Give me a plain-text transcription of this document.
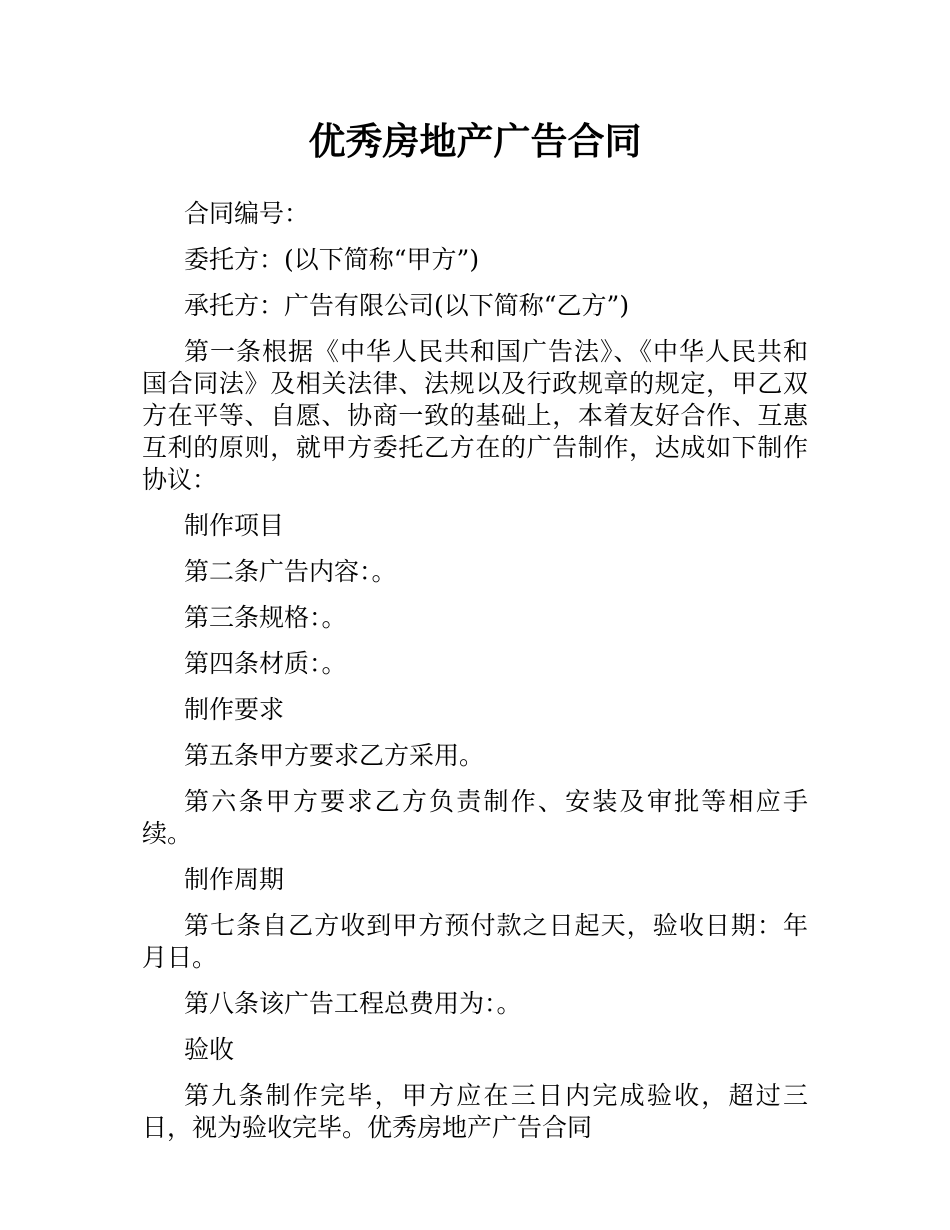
优秀房地产广告合同

合同编号：

委托方：(以下简称“甲方”)

承托方：广告有限公司(以下简称“乙方”)

第一条根据《中华人民共和国广告法》、《中华人民共和国合同法》及相关法律、法规以及行政规章的规定，甲乙双方在平等、自愿、协商一致的基础上，本着友好合作、互惠互利的原则，就甲方委托乙方在的广告制作，达成如下制作协议：

制作项目

第二条广告内容：。

第三条规格：。

第四条材质：。

制作要求

第五条甲方要求乙方采用。

第六条甲方要求乙方负责制作、安装及审批等相应手续。

制作周期

第七条自乙方收到甲方预付款之日起天，验收日期：年月日。

第八条该广告工程总费用为：。

验收

第九条制作完毕，甲方应在三日内完成验收，超过三日，视为验收完毕。优秀房地产广告合同
